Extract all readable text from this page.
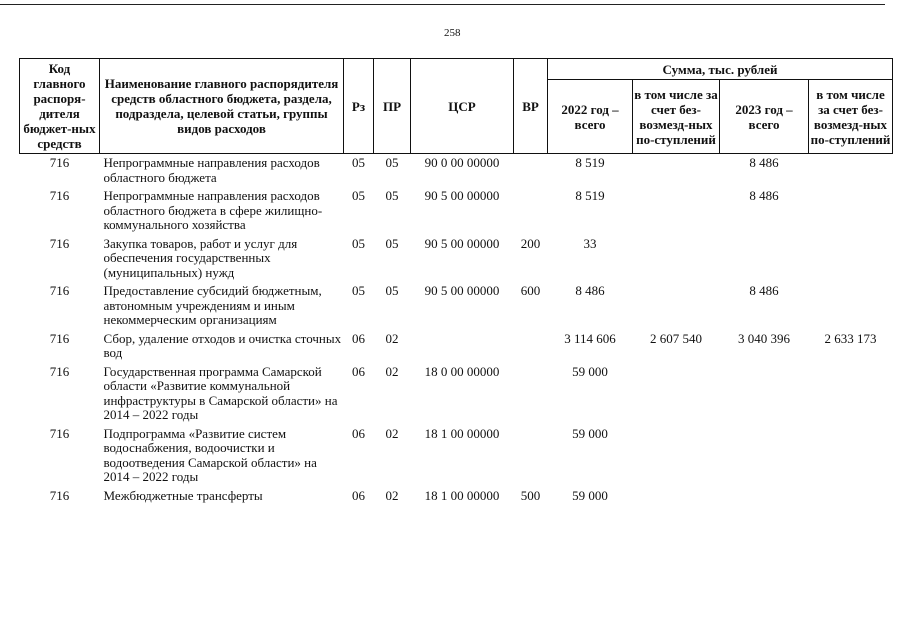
258
Код главного распоря-дителя бюджет-ных средств	Наименование главного распорядителя средств областного бюджета, раздела, подраздела, целевой статьи, группы видов расходов	Рз	ПР	ЦСР	ВР	Сумма, тыс. рублей			
						2022 год – всего	в том числе за счет без-возмезд-ных по-ступлений	2023 год – всего	в том числе за счет без-возмезд-ных по-ступлений
716	Непрограммные направления расходов областного бюджета	05	05	90 0 00 00000		8 519		8 486	
716	Непрограммные направления расходов областного бюджета в сфере жилищно-коммунального хозяйства	05	05	90 5 00 00000		8 519		8 486	
716	Закупка товаров, работ и услуг для обеспечения государственных (муниципальных) нужд	05	05	90 5 00 00000	200	33			
716	Предоставление субсидий бюджетным, автономным учреждениям и иным некоммерческим организациям	05	05	90 5 00 00000	600	8 486		8 486	
716	Сбор, удаление отходов и очистка сточных вод	06	02			3 114 606	2 607 540	3 040 396	2 633 173
716	Государственная программа Самарской области «Развитие коммунальной инфраструктуры в Самарской области» на 2014 – 2022 годы	06	02	18 0 00 00000		59 000			
716	Подпрограмма «Развитие систем водоснабжения, водоочистки и водоотведения Самарской области» на 2014 – 2022 годы	06	02	18 1 00 00000		59 000			
716	Межбюджетные трансферты	06	02	18 1 00 00000	500	59 000			
